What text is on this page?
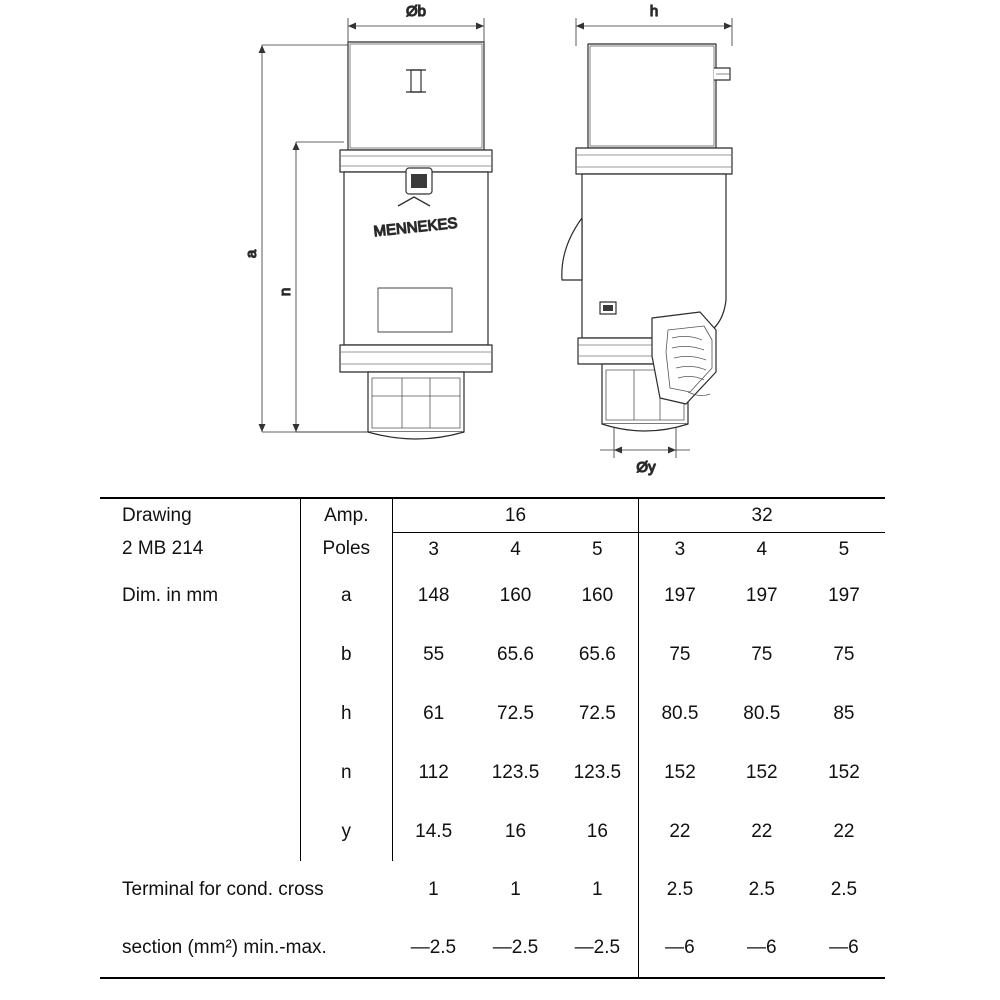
MENNEKES
Øb
a
n
h
Øy
Drawing	Amp.	16			32		
2 MB 214	Poles	3	4	5	3	4	5
Dim. in mm	a	148	160	160	197	197	197
	b	55	65.6	65.6	75	75	75
	h	61	72.5	72.5	80.5	80.5	85
	n	112	123.5	123.5	152	152	152
	y	14.5	16	16	22	22	22
Terminal for cond. cross		1	1	1	2.5	2.5	2.5
section (mm²) min.-max.		—2.5	—2.5	—2.5	—6	—6	—6
